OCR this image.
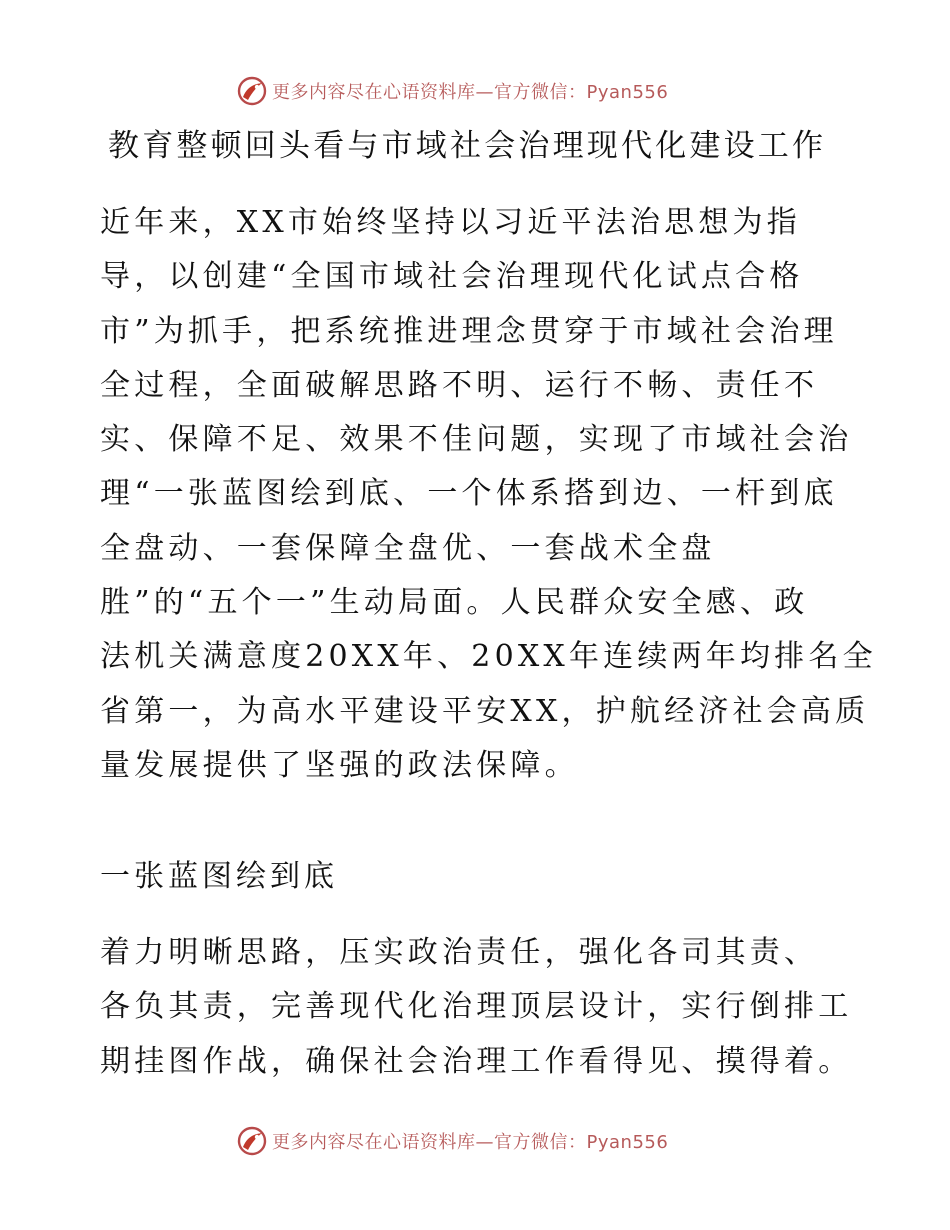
更多内容尽在心语资料库—官方微信：Pyan556
教育整顿回头看与市域社会治理现代化建设工作
近年来，XX市始终坚持以习近平法治思想为指
导，以创建“全国市域社会治理现代化试点合格
市”为抓手，把系统推进理念贯穿于市域社会治理
全过程，全面破解思路不明、运行不畅、责任不
实、保障不足、效果不佳问题，实现了市域社会治
理“一张蓝图绘到底、一个体系搭到边、一杆到底
全盘动、一套保障全盘优、一套战术全盘
胜”的“五个一”生动局面。人民群众安全感、政
法机关满意度20XX年、20XX年连续两年均排名全
省第一，为高水平建设平安XX，护航经济社会高质
量发展提供了坚强的政法保障。
一张蓝图绘到底
着力明晰思路，压实政治责任，强化各司其责、
各负其责，完善现代化治理顶层设计，实行倒排工
期挂图作战，确保社会治理工作看得见、摸得着。
更多内容尽在心语资料库—官方微信：Pyan556
